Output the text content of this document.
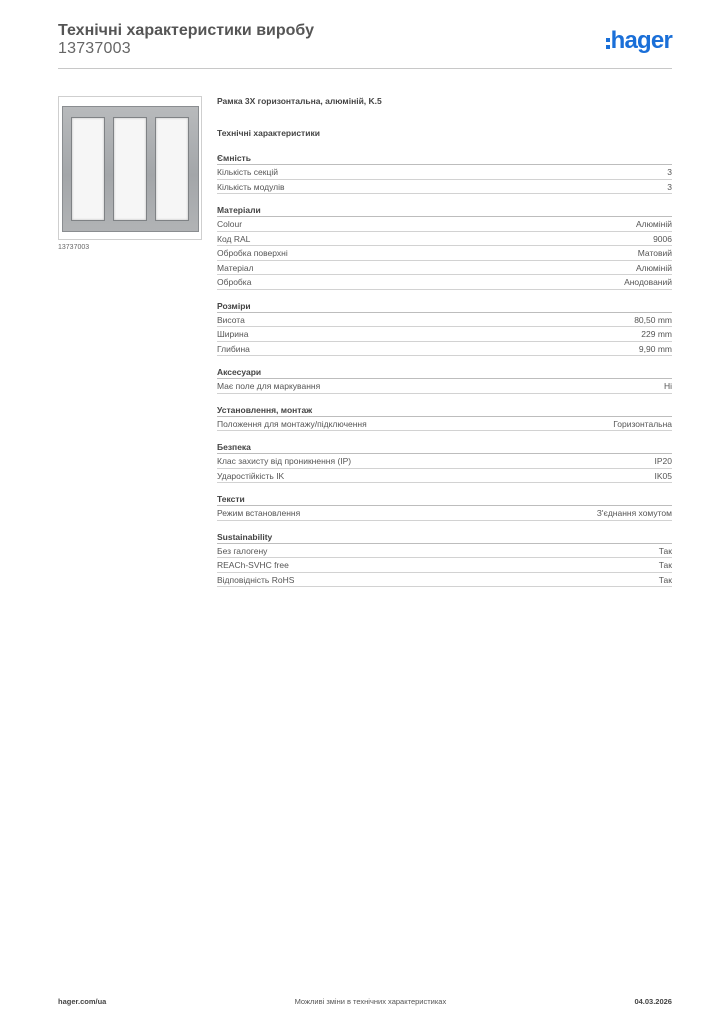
Технічні характеристики виробу
13737003	hager
13737003
Рамка 3Х горизонтальна, алюміній, K.5
Технічні характеристики
Ємність
Кількість секцій	3
Кількість модулів	3
Матеріали
Colour	Алюміній
Код RAL	9006
Обробка поверхні	Матовий
Матеріал	Алюміній
Обробка	Анодований
Розміри
Висота	80,50 mm
Ширина	229 mm
Глибина	9,90 mm
Аксесуари
Має поле для маркування	Ні
Установлення, монтаж
Положення для монтажу/підключення	Горизонтальна
Безпека
Клас захисту від проникнення (IP)	IP20
Ударостійкість IK	IK05
Тексти
Режим встановлення	З'єднання хомутом
Sustainability
Без галогену	Так
REACh-SVHC free	Так
Відповідність RoHS	Так
hager.com/ua	Можливі зміни в технічних характеристиках	04.03.2026
